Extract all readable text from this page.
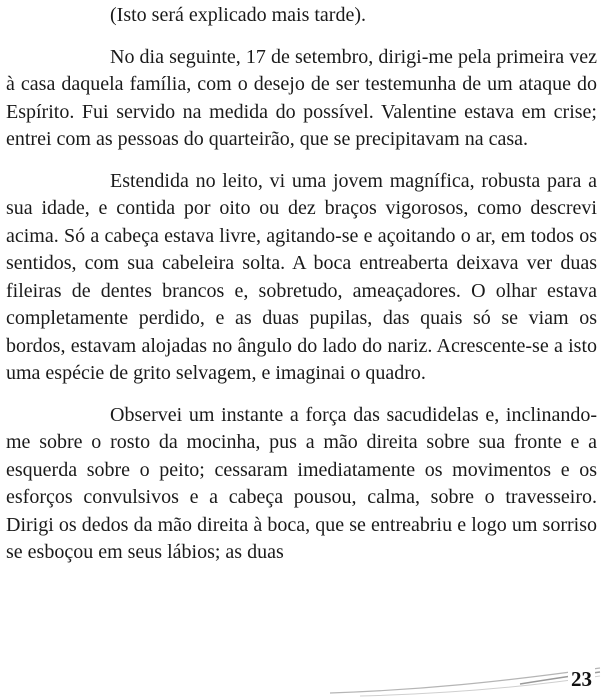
(Isto será explicado mais tarde).

No dia seguinte, 17 de setembro, dirigi-me pela primeira vez à casa daquela família, com o desejo de ser testemunha de um ataque do Espírito. Fui servido na medida do possível. Valentine estava em crise; entrei com as pessoas do quarteirão, que se precipitavam na casa.

Estendida no leito, vi uma jovem magnífica, robusta para a sua idade, e contida por oito ou dez braços vigorosos, como descrevi acima. Só a cabeça estava livre, agitando-se e açoitando o ar, em todos os sentidos, com sua cabeleira solta. A boca entreaberta deixava ver duas fileiras de dentes brancos e, sobretudo, ameaçadores. O olhar estava completamente perdido, e as duas pupilas, das quais só se viam os bordos, estavam alojadas no ângulo do lado do nariz. Acrescente-se a isto uma espécie de grito selvagem, e imaginai o quadro.

Observei um instante a força das sacudidelas e, inclinando-me sobre o rosto da mocinha, pus a mão direita sobre sua fronte e a esquerda sobre o peito; cessaram imediatamente os movimentos e os esforços convulsivos e a cabeça pousou, calma, sobre o travesseiro. Dirigi os dedos da mão direita à boca, que se entreabriu e logo um sorriso se esboçou em seus lábios; as duas

23
